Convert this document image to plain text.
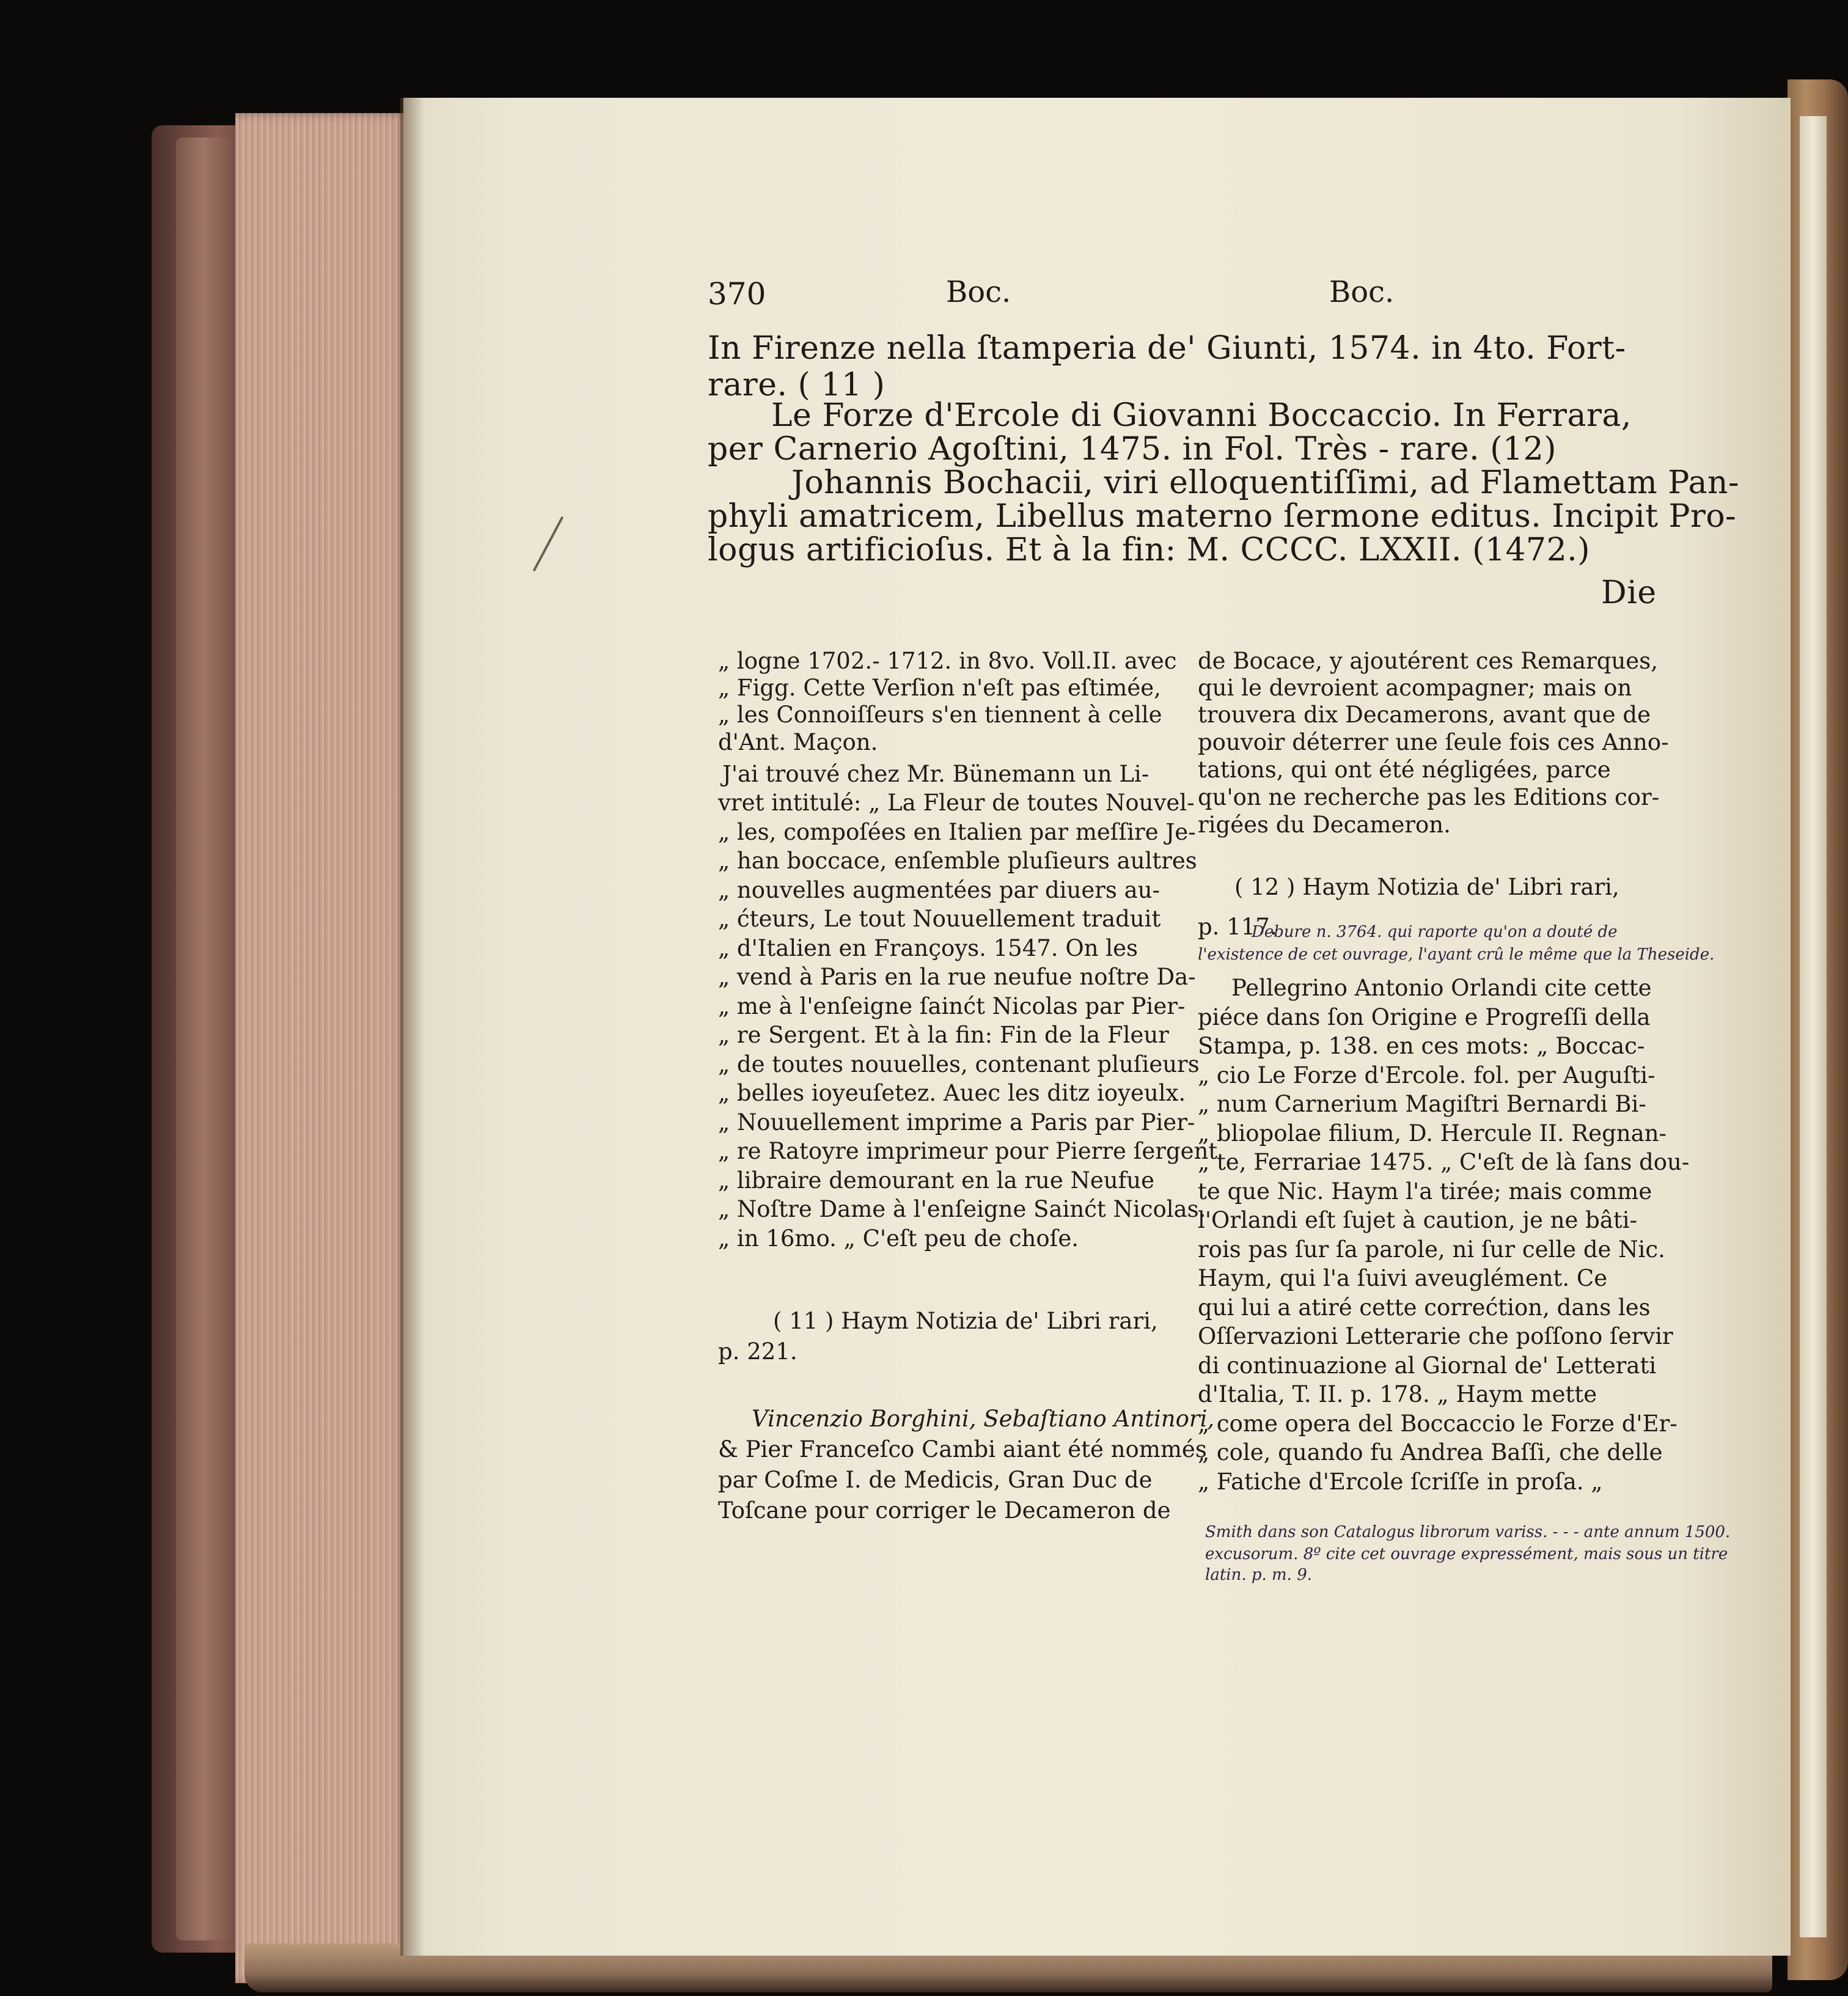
370	Boc.	Boc.

In Firenze nella ſtamperia de' Giunti, 1574. in 4to. Fort-

rare. ( 11 )

Le Forze d'Ercole di Giovanni Boccaccio. In Ferrara,

per Carnerio Agoſtini, 1475. in Fol. Très - rare. (12)

Johannis Bochacii, viri elloquentiſſimi, ad Flamettam Pan-

phyli amatricem, Libellus materno ſermone editus. Incipit Pro-

logus artificioſus. Et à la fin: M. CCCC. LXXII. (1472.)

Die

„ logne 1702.- 1712. in 8vo. Voll.II. avec

„ Figg. Cette Verſion n'eſt pas eſtimée,

„ les Connoiſſeurs s'en tiennent à celle

d'Ant. Maçon.

J'ai trouvé chez Mr. Bünemann un Li-

vret intitulé: „ La Fleur de toutes Nouvel-

„ les, compoſées en Italien par meſſire Je-

„ han boccace, enſemble pluſieurs aultres

„ nouvelles augmentées par diuers au-

„ ćteurs, Le tout Nouuellement traduit

„ d'Italien en Françoys. 1547. On les

„ vend à Paris en la rue neufue noſtre Da-

„ me à l'enſeigne ſainćt Nicolas par Pier-

„ re Sergent. Et à la fin: Fin de la Fleur

„ de toutes nouuelles, contenant pluſieurs

„ belles ioyeuſetez. Auec les ditz ioyeulx.

„ Nouuellement imprime a Paris par Pier-

„ re Ratoyre imprimeur pour Pierre ſergent

„ libraire demourant en la rue Neufue

„ Noſtre Dame à l'enſeigne Sainćt Nicolas.

„ in 16mo. „ C'eſt peu de choſe.

( 11 ) Haym Notizia de' Libri rari,

p. 221.

Vincenzio Borghini, Sebaſtiano Antinori,

& Pier Franceſco Cambi aiant été nommés

par Coſme I. de Medicis, Gran Duc de

Toſcane pour corriger le Decameron de

de Bocace, y ajoutérent ces Remarques,

qui le devroient acompagner; mais on

trouvera dix Decamerons, avant que de

pouvoir déterrer une ſeule fois ces Anno-

tations, qui ont été négligées, parce

qu'on ne recherche pas les Editions cor-

rigées du Decameron.

( 12 ) Haym Notizia de' Libri rari,

p. 117.

Debure n. 3764. qui raporte qu'on a douté de

l'existence de cet ouvrage, l'ayant crû le même que la Theseide.

Pellegrino Antonio Orlandi cite cette

piéce dans ſon Origine e Progreſſi della

Stampa, p. 138. en ces mots: „ Boccac-

„ cio Le Forze d'Ercole. fol. per Auguſti-

„ num Carnerium Magiſtri Bernardi Bi-

„ bliopolae filium, D. Hercule II. Regnan-

„ te, Ferrariae 1475. „ C'eſt de là ſans dou-

te que Nic. Haym l'a tirée; mais comme

l'Orlandi eſt ſujet à caution, je ne bâti-

rois pas ſur ſa parole, ni ſur celle de Nic.

Haym, qui l'a ſuivi aveuglément. Ce

qui lui a atiré cette correćtion, dans les

Oſſervazioni Letterarie che poſſono ſervir

di continuazione al Giornal de' Letterati

d'Italia, T. II. p. 178. „ Haym mette

„ come opera del Boccaccio le Forze d'Er-

„ cole, quando fu Andrea Baſſi, che delle

„ Fatiche d'Ercole ſcriſſe in proſa. „

Smith dans son Catalogus librorum variss. - - - ante annum 1500.

excusorum. 8º cite cet ouvrage expressément, mais sous un titre

latin. p. m. 9.
